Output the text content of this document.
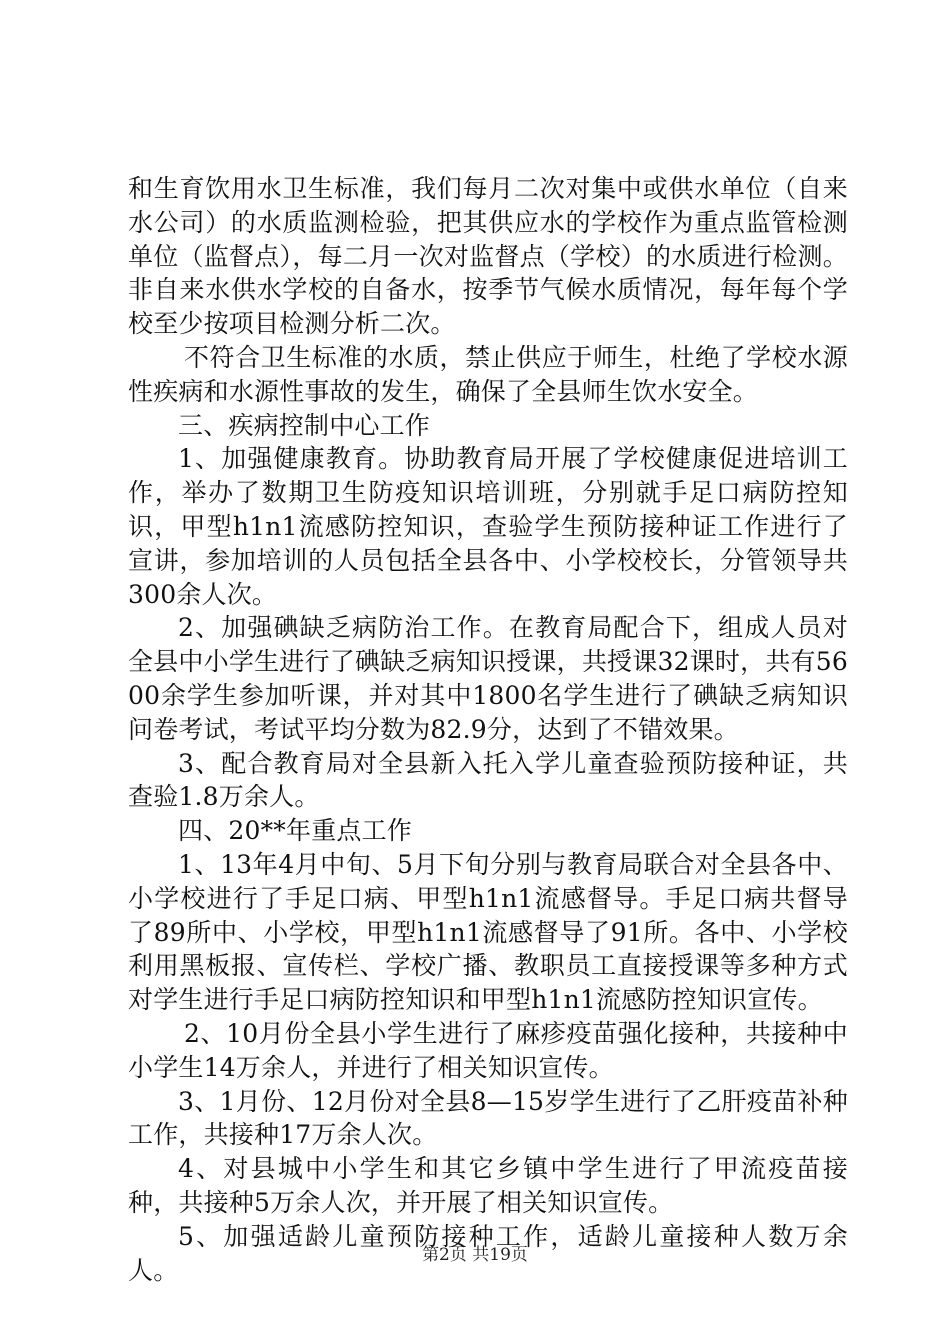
和生育饮用水卫生标准，我们每月二次对集中或供水单位（自来水公司）的水质监测检验，把其供应水的学校作为重点监管检测单位（监督点），每二月一次对监督点（学校）的水质进行检测。非自来水供水学校的自备水，按季节气候水质情况，每年每个学校至少按项目检测分析二次。

不符合卫生标准的水质，禁止供应于师生，杜绝了学校水源性疾病和水源性事故的发生，确保了全县师生饮水安全。

三、疾病控制中心工作

1、加强健康教育。协助教育局开展了学校健康促进培训工作，举办了数期卫生防疫知识培训班，分别就手足口病防控知识，甲型h1n1流感防控知识，查验学生预防接种证工作进行了宣讲，参加培训的人员包括全县各中、小学校校长，分管领导共300余人次。

2、加强碘缺乏病防治工作。在教育局配合下，组成人员对全县中小学生进行了碘缺乏病知识授课，共授课32课时，共有5600余学生参加听课，并对其中1800名学生进行了碘缺乏病知识问卷考试，考试平均分数为82.9分，达到了不错效果。

3、配合教育局对全县新入托入学儿童查验预防接种证，共查验1.8万余人。

四、20**年重点工作

1、13年4月中旬、5月下旬分别与教育局联合对全县各中、小学校进行了手足口病、甲型h1n1流感督导。手足口病共督导了89所中、小学校，甲型h1n1流感督导了91所。各中、小学校利用黑板报、宣传栏、学校广播、教职员工直接授课等多种方式对学生进行手足口病防控知识和甲型h1n1流感防控知识宣传。

2、10月份全县小学生进行了麻疹疫苗强化接种，共接种中小学生14万余人，并进行了相关知识宣传。

3、1月份、12月份对全县8—15岁学生进行了乙肝疫苗补种工作，共接种17万余人次。

4、对县城中小学生和其它乡镇中学生进行了甲流疫苗接种，共接种5万余人次，并开展了相关知识宣传。

5、加强适龄儿童预防接种工作，适龄儿童接种人数万余人。

第2页 共19页
